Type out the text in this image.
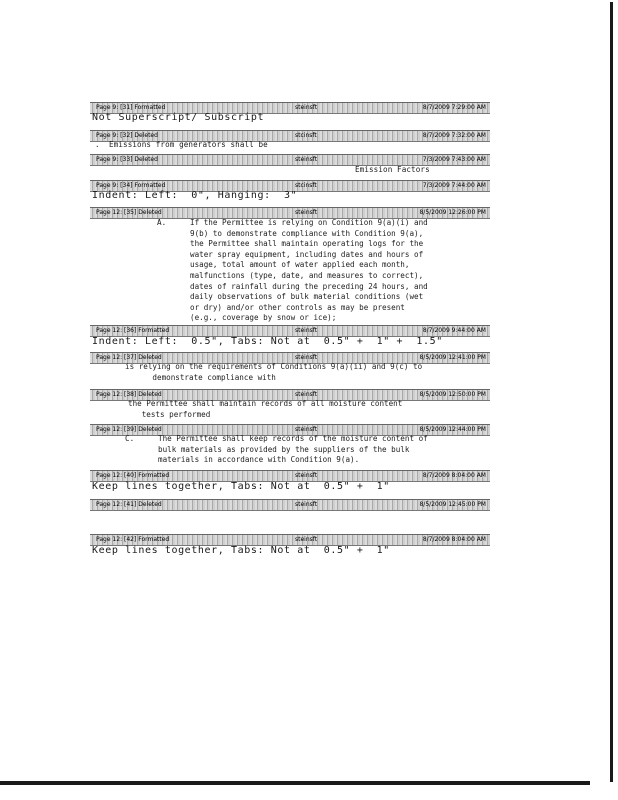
Page 9: [31] Formatted	steinsft	8/7/2009 7:29:00 AM
Not Superscript/ Subscript
Page 9: [32] Deleted	stcinsft	8/7/2009 7:32:00 AM
.  Emissions from generators shall be
Page 9: [33] Deleted	steinsft	7/3/2009 7:43:00 AM
Emission Factors
Page 9: [34] Formatted	stcinsft	7/3/2009 7:44:00 AM
Indent: Left:  0", Hanging:  3"
Page 12: [35] Deleted	steinsft	8/5/2009 12:26:00 PM
A.	If the Permittee is relying on Condition 9(a)(i) and
9(b) to demonstrate compliance with Condition 9(a),
the Permittee shall maintain operating logs for the
water spray equipment, including dates and hours of
usage, total amount of water applied each month,
malfunctions (type, date, and measures to correct),
dates of rainfall during the preceding 24 hours, and
daily observations of bulk material conditions (wet
or dry) and/or other controls as may be present
(e.g., coverage by snow or ice);
Page 12: [36] Formatted	steinsft	8/7/2009 9:44:00 AM
Indent: Left:  0.5", Tabs: Not at  0.5" +  1" +  1.5"
Page 12: [37] Deleted	steinsft	8/5/2009 12:41:00 PM
is relying on the requirements of Conditions 9(a)(ii) and 9(c) to
demonstrate compliance with
Page 12: [38] Deleted	steinsft	8/5/2009 12:50:00 PM
the Permittee shall maintain records of all moisture content
tests performed
Page 12: [39] Deleted	steinsft	8/5/2009 12:44:00 PM
C.	The Permittee shall keep records of the moisture content of
bulk materials as provided by the suppliers of the bulk
materials in accordance with Condition 9(a).
Page 12: [40] Formatted	steinsft	8/7/2009 8:04:00 AM
Keep lines together, Tabs: Not at  0.5" +  1"
Page 12: [41] Deleted	steinsft	8/5/2009 12:45:00 PM
Page 12: [42] Formatted	steinsft	8/7/2009 8:04:00 AM
Keep lines together, Tabs: Not at  0.5" +  1"
